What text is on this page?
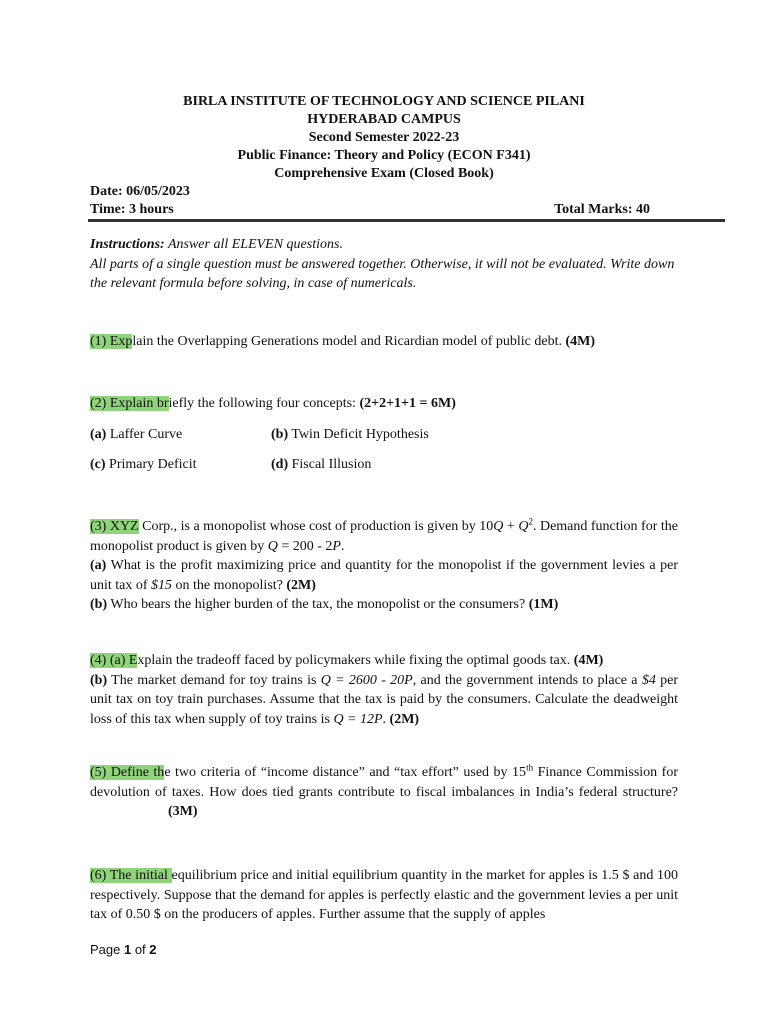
BIRLA INSTITUTE OF TECHNOLOGY AND SCIENCE PILANI
HYDERABAD CAMPUS
Second Semester 2022-23
Public Finance: Theory and Policy (ECON F341)
Comprehensive Exam (Closed Book)
Date: 06/05/2023
Time: 3 hours	Total Marks: 40
Instructions: Answer all ELEVEN questions.
All parts of a single question must be answered together. Otherwise, it will not be evaluated. Write down the relevant formula before solving, in case of numericals.
(1) Explain the Overlapping Generations model and Ricardian model of public debt. (4M)
(2) Explain briefly the following four concepts: (2+2+1+1 = 6M)
(a) Laffer Curve	(b) Twin Deficit Hypothesis
(c) Primary Deficit	(d) Fiscal Illusion
(3) XYZ Corp., is a monopolist whose cost of production is given by $10Q + Q^2$. Demand function for the monopolist product is given by Q = 200 - 2P.
(a) What is the profit maximizing price and quantity for the monopolist if the government levies a per unit tax of $15 on the monopolist? (2M)
(b) Who bears the higher burden of the tax, the monopolist or the consumers? (1M)
(4) (a) Explain the tradeoff faced by policymakers while fixing the optimal goods tax. (4M)
(b) The market demand for toy trains is Q = 2600 - 20P, and the government intends to place a $4 per unit tax on toy train purchases. Assume that the tax is paid by the consumers. Calculate the deadweight loss of this tax when supply of toy trains is Q = 12P. (2M)
(5) Define the two criteria of “income distance” and “tax effort” used by 15th Finance Commission for devolution of taxes. How does tied grants contribute to fiscal imbalances in India’s federal structure?(3M)
(6) The initial equilibrium price and initial equilibrium quantity in the market for apples is 1.5 $ and 100 respectively. Suppose that the demand for apples is perfectly elastic and the government levies a per unit tax of 0.50 $ on the producers of apples. Further assume that the supply of apples
Page 1 of 2
